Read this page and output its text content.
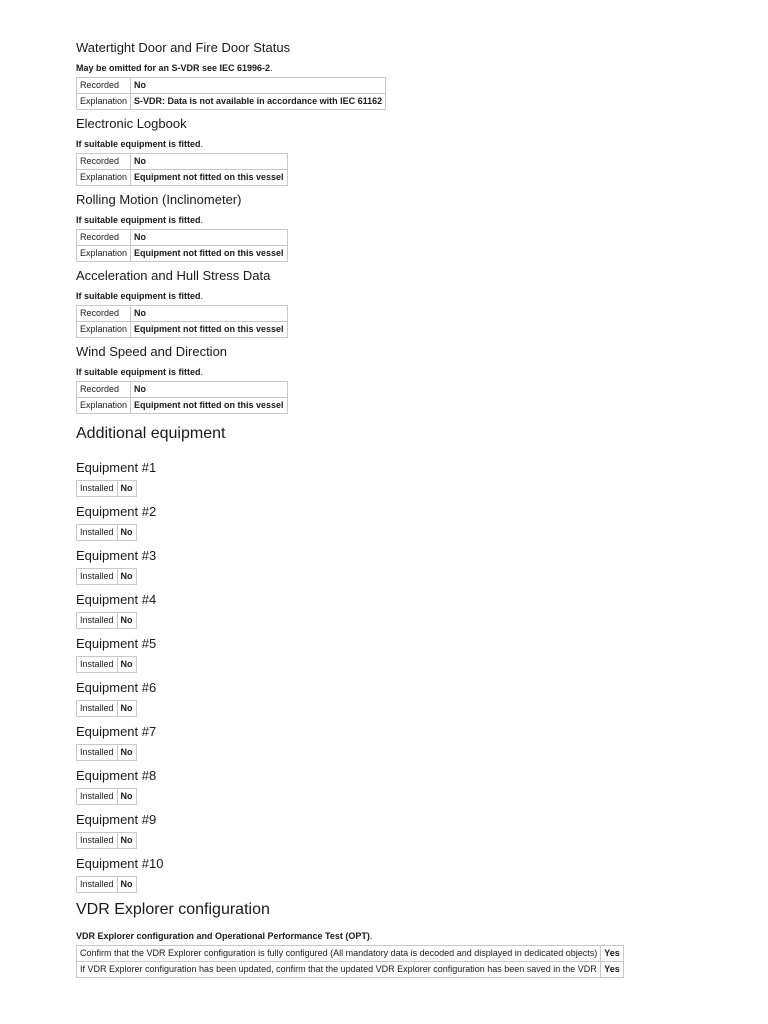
Watertight Door and Fire Door Status

May be omitted for an S-VDR see IEC 61996-2.

Recorded	No
Explanation	S-VDR: Data is not available in accordance with IEC 61162
Electronic Logbook

If suitable equipment is fitted.

Recorded	No
Explanation	Equipment not fitted on this vessel
Rolling Motion (Inclinometer)

If suitable equipment is fitted.

Recorded	No
Explanation	Equipment not fitted on this vessel
Acceleration and Hull Stress Data

If suitable equipment is fitted.

Recorded	No
Explanation	Equipment not fitted on this vessel
Wind Speed and Direction

If suitable equipment is fitted.

Recorded	No
Explanation	Equipment not fitted on this vessel
Additional equipment
Equipment #1
Installed	No
Equipment #2
Installed	No
Equipment #3
Installed	No
Equipment #4
Installed	No
Equipment #5
Installed	No
Equipment #6
Installed	No
Equipment #7
Installed	No
Equipment #8
Installed	No
Equipment #9
Installed	No
Equipment #10
Installed	No
VDR Explorer configuration

VDR Explorer configuration and Operational Performance Test (OPT).

Confirm that the VDR Explorer configuration is fully configured (All mandatory data is decoded and displayed in dedicated objects)	Yes
If VDR Explorer configuration has been updated, confirm that the updated VDR Explorer configuration has been saved in the VDR	Yes
